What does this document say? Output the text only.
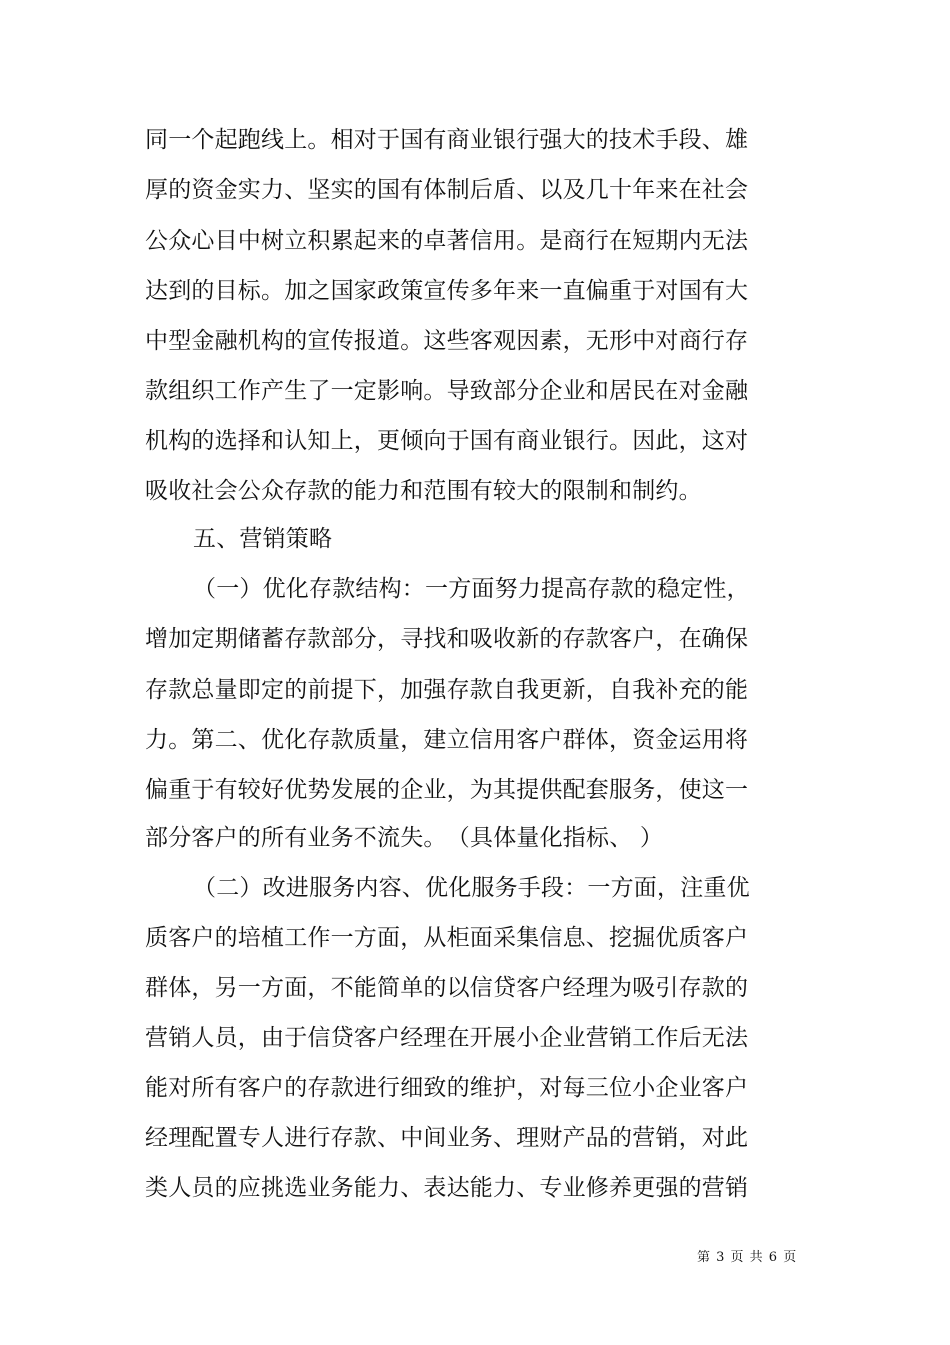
同一个起跑线上。相对于国有商业银行强大的技术手段、雄
厚的资金实力、坚实的国有体制后盾、以及几十年来在社会
公众心目中树立积累起来的卓著信用。是商行在短期内无法
达到的目标。加之国家政策宣传多年来一直偏重于对国有大
中型金融机构的宣传报道。这些客观因素，无形中对商行存
款组织工作产生了一定影响。导致部分企业和居民在对金融
机构的选择和认知上，更倾向于国有商业银行。因此，这对
吸收社会公众存款的能力和范围有较大的限制和制约。
五、营销策略
（一）优化存款结构：一方面努力提高存款的稳定性，
增加定期储蓄存款部分，寻找和吸收新的存款客户，在确保
存款总量即定的前提下，加强存款自我更新，自我补充的能
力。第二、优化存款质量，建立信用客户群体，资金运用将
偏重于有较好优势发展的企业，为其提供配套服务，使这一
部分客户的所有业务不流失。　（具体量化指标、 ）
（二）改进服务内容、优化服务手段：一方面，注重优
质客户的培植工作一方面，从柜面采集信息、挖掘优质客户
群体，另一方面，不能简单的以信贷客户经理为吸引存款的
营销人员，由于信贷客户经理在开展小企业营销工作后无法
能对所有客户的存款进行细致的维护，对每三位小企业客户
经理配置专人进行存款、中间业务、理财产品的营销，对此
类人员的应挑选业务能力、表达能力、专业修养更强的营销
第 3 页 共 6 页
